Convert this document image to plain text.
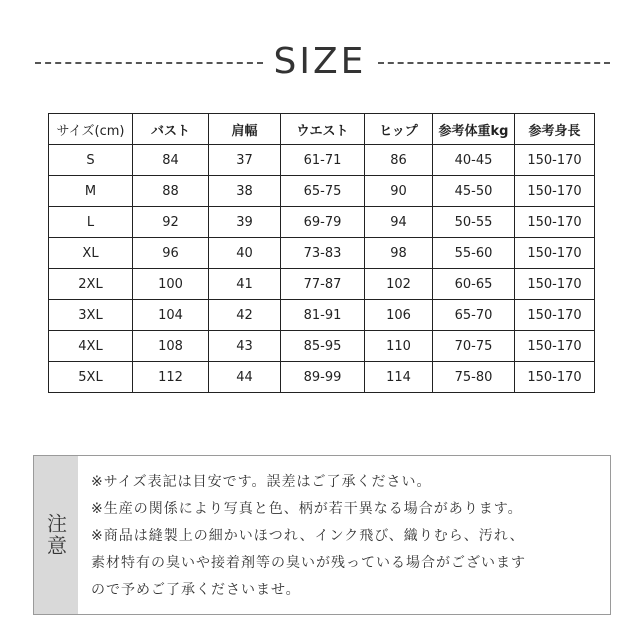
SIZE
サイズ(cm)	バスト	肩幅	ウエスト	ヒップ	参考体重kg	参考身長
S	84	37	61-71	86	40-45	150-170
M	88	38	65-75	90	45-50	150-170
L	92	39	69-79	94	50-55	150-170
XL	96	40	73-83	98	55-60	150-170
2XL	100	41	77-87	102	60-65	150-170
3XL	104	42	81-91	106	65-70	150-170
4XL	108	43	85-95	110	70-75	150-170
5XL	112	44	89-99	114	75-80	150-170
注意
※サイズ表記は目安です。誤差はご了承ください。
※生産の関係により写真と色、柄が若干異なる場合があります。
※商品は縫製上の細かいほつれ、インク飛び、織りむら、汚れ、
素材特有の臭いや接着剤等の臭いが残っている場合がございます
ので予めご了承くださいませ。
